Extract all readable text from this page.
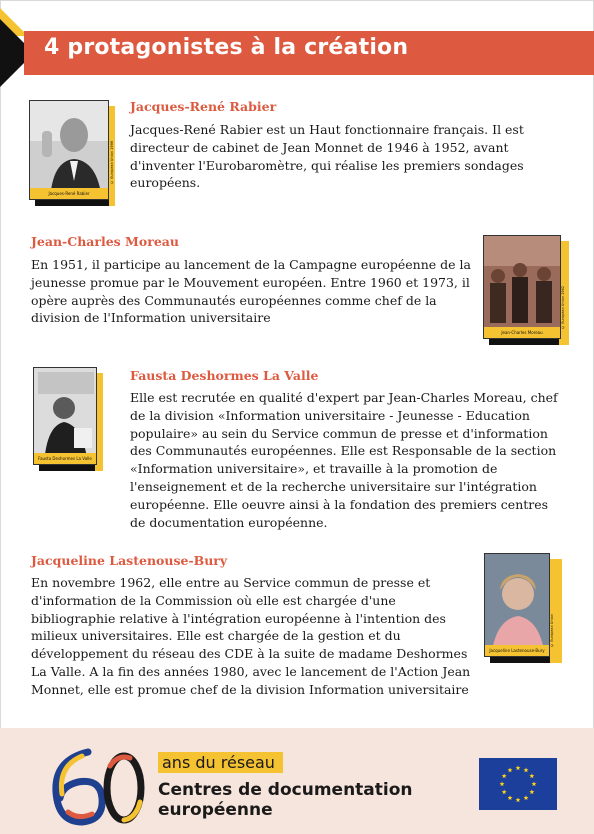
4 protagonistes à la création
Jacques-René Rabier
© European Union 1999
Jacques-René Rabier
Jacques-René Rabier est un Haut fonctionnaire français. Il est directeur de cabinet de Jean Monnet de 1946 à 1952, avant d'inventer l'Eurobaromètre, qui réalise les premiers sondages européens.
Jean-Charles Moreau
En 1951, il participe au lancement de la Campagne européenne de la jeunesse promue par le Mouvement européen. Entre 1960 et 1973, il opère auprès des Communautés européennes comme chef de la division de l'Information universitaire
Jean-Charles Moreau
© European Union 1962
Fausta Deshormes La Valle
Fausta Deshormes La Valle
Elle est recrutée en qualité d'expert par Jean-Charles Moreau, chef de la division «Information universitaire - Jeunesse - Education populaire» au sein du Service commun de presse et d'information des Communautés européennes. Elle est Responsable de la section «Information universitaire», et travaille à la promotion de l'enseignement et de la recherche universitaire sur l'intégration européenne. Elle oeuvre ainsi à la fondation des premiers centres de documentation européenne.
Jacqueline Lastenouse-Bury
En novembre 1962, elle entre au Service commun de presse et d'information de la Commission où elle est chargée d'une bibliographie relative à l'intégration européenne à l'intention des milieux universitaires. Elle est chargée de la gestion et du développement du réseau des CDE à la suite de madame Deshormes La Valle. A la fin des années 1980, avec le lancement de l'Action Jean Monnet, elle est promue chef de la division Information universitaire
Jacqueline Lastenouse-Bury
© European Union
ans du réseau
Centres de documentation
européenne
